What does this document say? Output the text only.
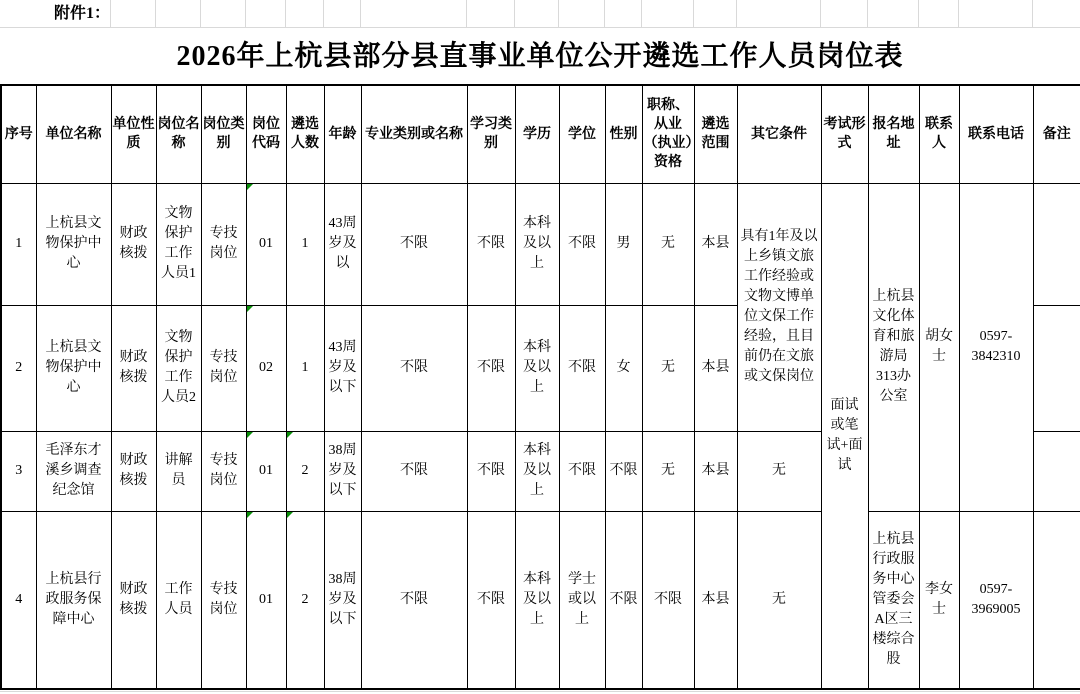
附件1：
2026年上杭县部分县直事业单位公开遴选工作人员岗位表
序号	单位名称	单位性质	岗位名称	岗位类别	岗位代码	遴选人数	年龄	专业类别或名称	学习类别	学历	学位	性别	职称、从业（执业）资格	遴选范围	其它条件	考试形式	报名地址	联系人	联系电话	备注
1	上杭县文物保护中心	财政核拨	文物保护工作人员1	专技岗位	01	1	43周岁及以	不限	不限	本科及以上	不限	男	无	本县	具有1年及以上乡镇文旅工作经验或文物文博单位文保工作经验，且目前仍在文旅或文保岗位	面试或笔试+面试	上杭县文化体育和旅游局313办公室	胡女士	0597-3842310	
2	上杭县文物保护中心	财政核拨	文物保护工作人员2	专技岗位	02	1	43周岁及以下	不限	不限	本科及以上	不限	女	无	本县						
3	毛泽东才溪乡调查纪念馆	财政核拨	讲解员	专技岗位	01	2	38周岁及以下	不限	不限	本科及以上	不限	不限	无	本县	无					
4	上杭县行政服务保障中心	财政核拨	工作人员	专技岗位	01	2	38周岁及以下	不限	不限	本科及以上	学士或以上	不限	不限	本县	无		上杭县行政服务中心管委会A区三楼综合股	李女士	0597-3969005	
